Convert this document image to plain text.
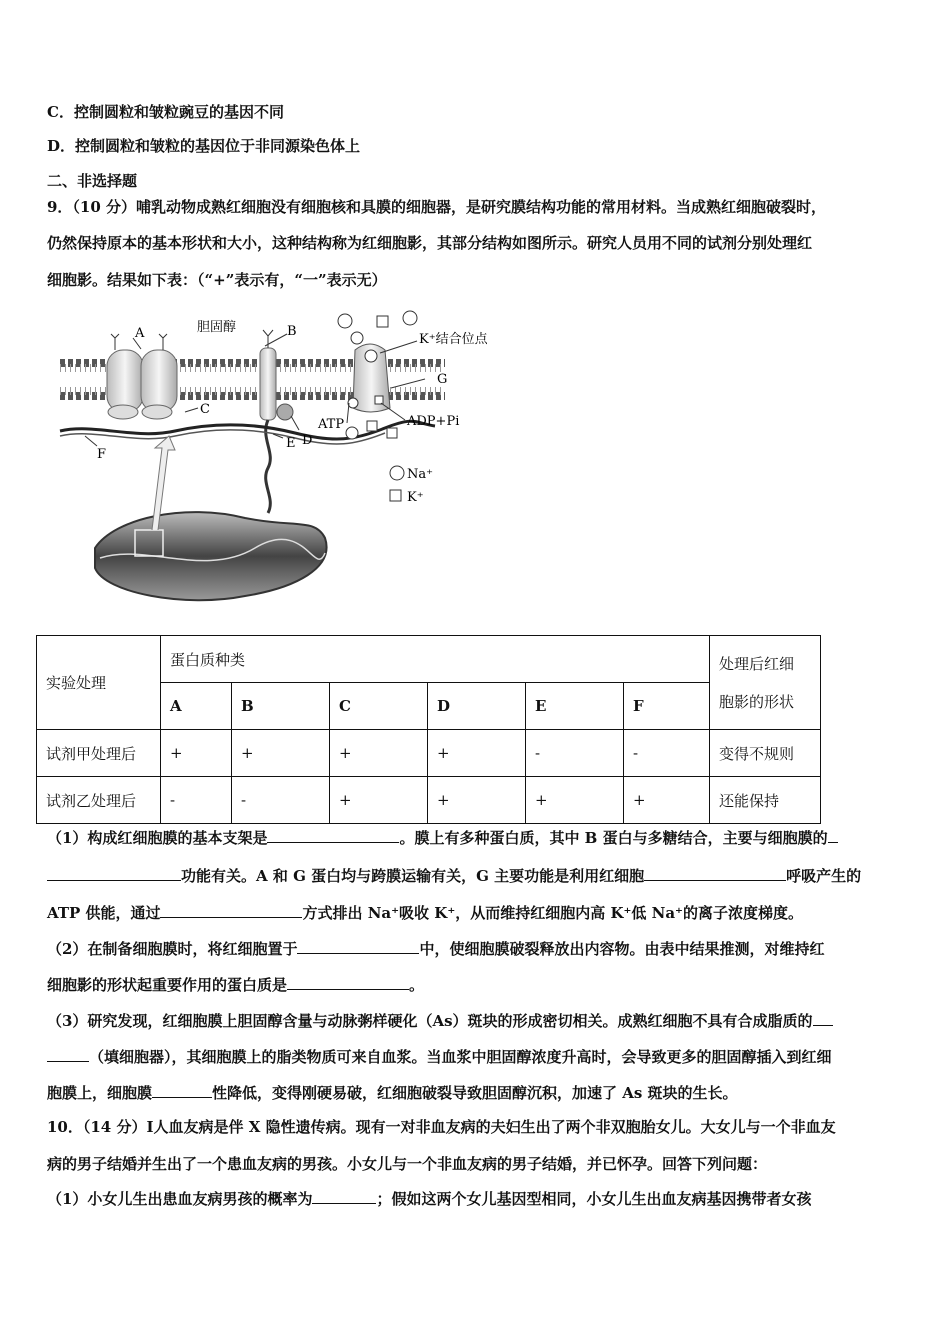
C．控制圆粒和皱粒豌豆的基因不同
D．控制圆粒和皱粒的基因位于非同源染色体上
二、非选择题
9．（10 分）哺乳动物成熟红细胞没有细胞核和具膜的细胞器，是研究膜结构功能的常用材料。当成熟红细胞破裂时，
仍然保持原本的基本形状和大小，这种结构称为红细胞影，其部分结构如图所示。研究人员用不同的试剂分别处理红
细胞影。结果如下表：（“+”表示有，“一”表示无）
A	胆固醇	B
K⁺结合位点
G
C
ATP	ADP+Pi
E D
F
Na⁺
K⁺
实验处理	蛋白质种类						处理后红细
胞影的形状
	A	B	C	D	E	F	
试剂甲处理后	+	+	+	+	-	-	变得不规则
试剂乙处理后	-	-	+	+	+	+	还能保持
（1）构成红细胞膜的基本支架是	。膜上有多种蛋白质，其中 B 蛋白与多糖结合，主要与细胞膜的
功能有关。A 和 G 蛋白均与跨膜运输有关，G 主要功能是利用红细胞	呼吸产生的
ATP 供能，通过	方式排出 Na⁺吸收 K⁺，从而维持红细胞内高 K⁺低 Na⁺的离子浓度梯度。
（2）在制备细胞膜时，将红细胞置于	中，使细胞膜破裂释放出内容物。由表中结果推测，对维持红
细胞影的形状起重要作用的蛋白质是	。
（3）研究发现，红细胞膜上胆固醇含量与动脉粥样硬化（As）斑块的形成密切相关。成熟红细胞不具有合成脂质的
（填细胞器），其细胞膜上的脂类物质可来自血浆。当血浆中胆固醇浓度升高时，会导致更多的胆固醇插入到红细
胞膜上，细胞膜	性降低，变得刚硬易破，红细胞破裂导致胆固醇沉积，加速了 As 斑块的生长。
10．（14 分）Ⅰ人血友病是伴 X 隐性遗传病。现有一对非血友病的夫妇生出了两个非双胞胎女儿。大女儿与一个非血友
病的男子结婚并生出了一个患血友病的男孩。小女儿与一个非血友病的男子结婚，并已怀孕。回答下列问题：
（1）小女儿生出患血友病男孩的概率为	；假如这两个女儿基因型相同，小女儿生出血友病基因携带者女孩
